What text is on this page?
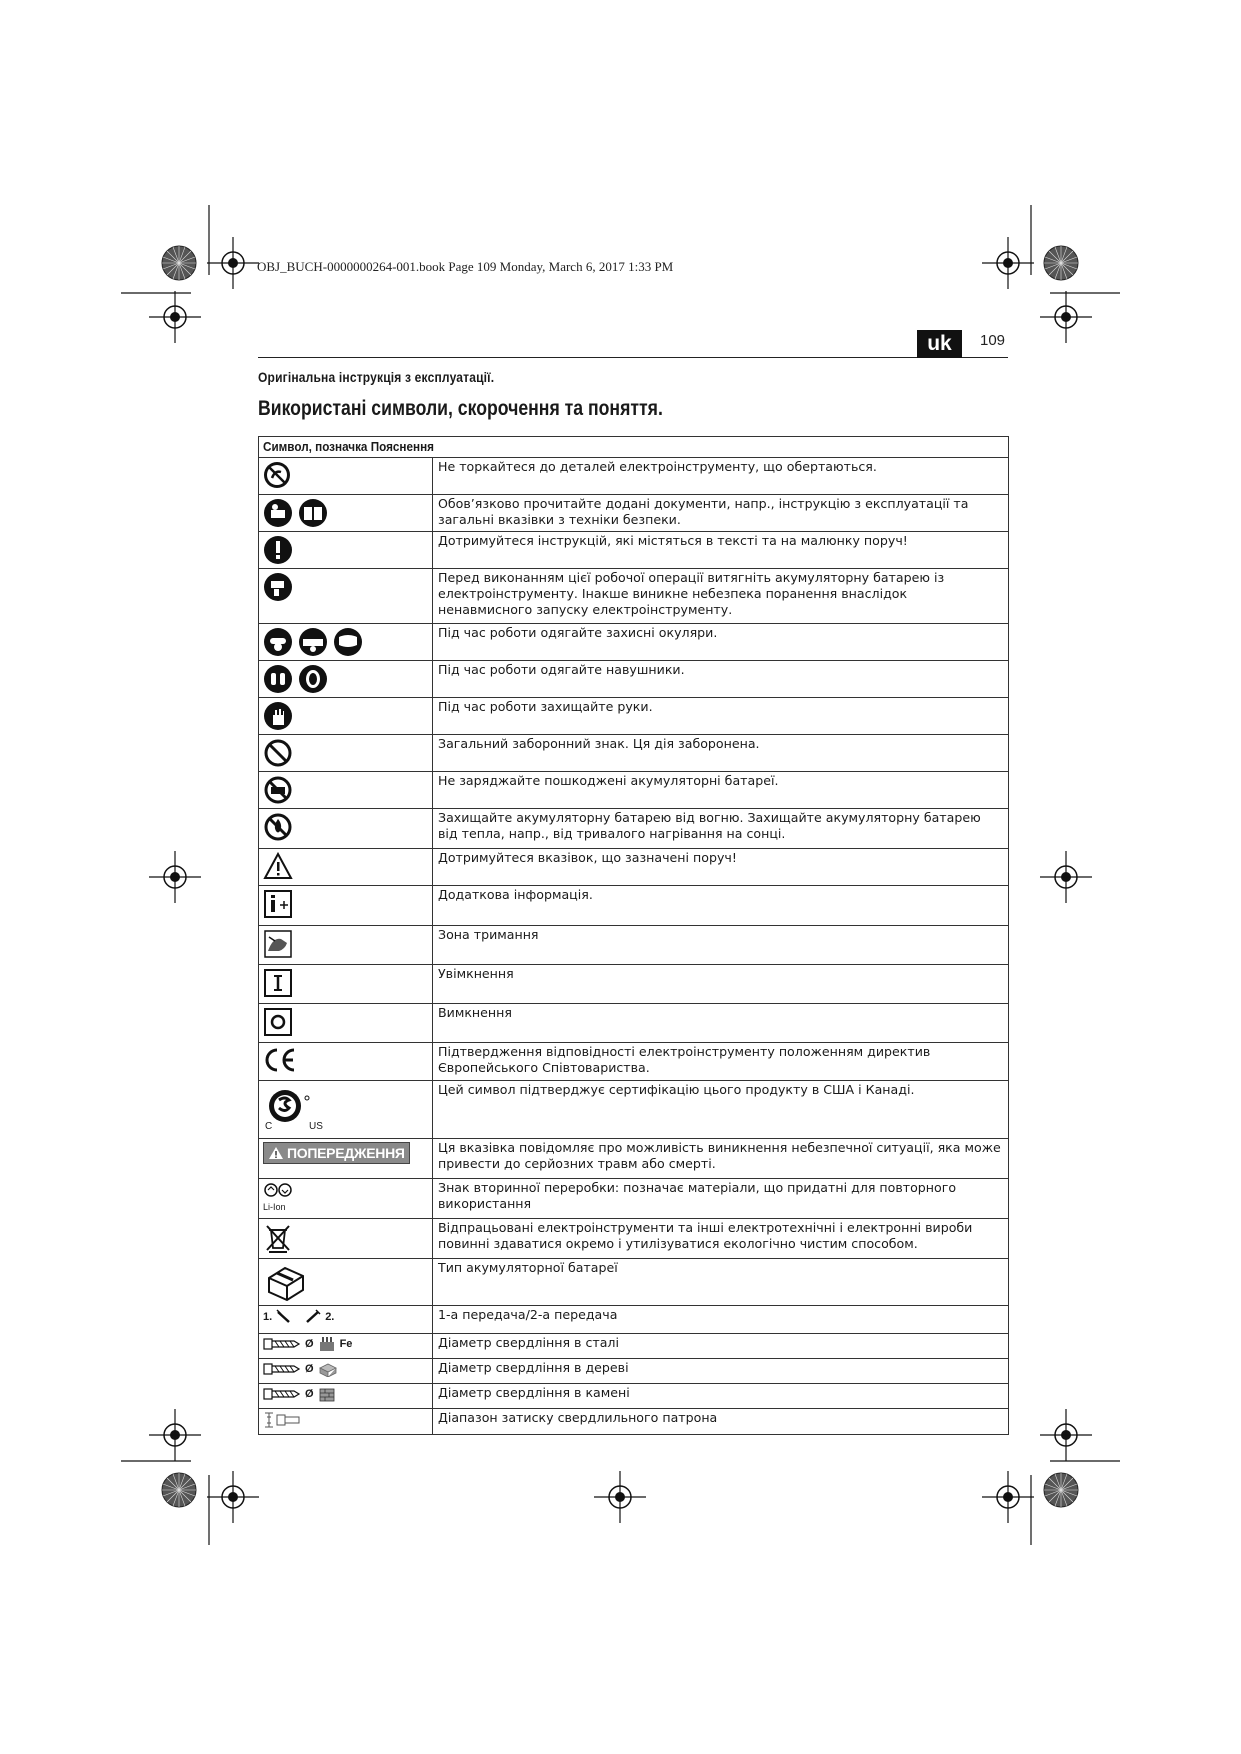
OBJ_BUCH-0000000264-001.book Page 109 Monday, March 6, 2017 1:33 PM
uk	109
Оригінальна інструкція з експлуатації.
Використані символи, скорочення та поняття.
Символ, позначка Пояснення	

	Не торкайтеся до деталей електроінструменту, що обертаються.

	Обов’язково прочитайте додані документи, напр., інструкцію з експлуатації та загальні вказівки з техніки безпеки.

	Дотримуйтеся інструкцій, які містяться в тексті та на малюнку поруч!

	Перед виконанням цієї робочої операції витягніть акумуляторну батарею із електроінструменту. Інакше виникне небезпека поранення внаслідок ненавмисного запуску електроінструменту.

	Під час роботи одягайте захисні окуляри.

	Під час роботи одягайте навушники.

	Під час роботи захищайте руки.

	Загальний заборонний знак. Ця дія заборонена.

	Не заряджайте пошкоджені акумуляторні батареї.

	Захищайте акумуляторну батарею від вогню. Захищайте акумуляторну батарею від тепла, напр., від тривалого нагрівання на сонці.

	Дотримуйтеся вказівок, що зазначені поруч!

	Додаткова інформація.

	Зона тримання

	Увімкнення

	Вимкнення

	Підтвердження відповідності електроінструменту положенням директив Європейського Співтовариства.

C US	Цей символ підтверджує сертифікацію цього продукту в США і Канаді.

ПОПЕРЕДЖЕННЯ	Ця вказівка повідомляє про можливість виникнення небезпечної ситуації, яка може привести до серйозних травм або смерті.

Li-Ion	Знак вторинної переробки: позначає матеріали, що придатні для повторного використання

	Відпрацьовані електроінструменти та інші електротехнічні і електронні вироби повинні здаватися окремо і утилізуватися екологічно чистим способом.

	Тип акумуляторної батареї

1. 2.	1-а передача/2-а передача

Ø Fe	Діаметр свердління в сталі

Ø	Діаметр свердління в дереві

Ø	Діаметр свердління в камені

	Діапазон затиску свердлильного патрона
